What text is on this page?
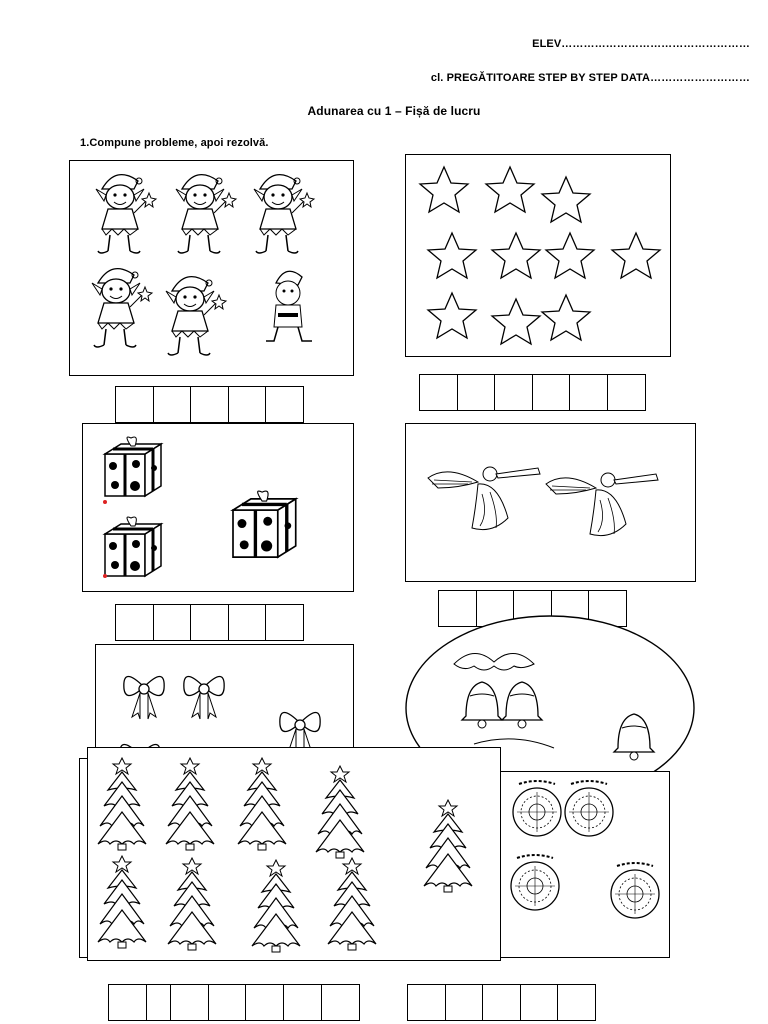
ELEV……………………………………………
cl. PREGĂTITOARE STEP BY STEP DATA………………………
Adunarea cu 1 – Fișă de lucru
1.Compune probleme, apoi rezolvă.
